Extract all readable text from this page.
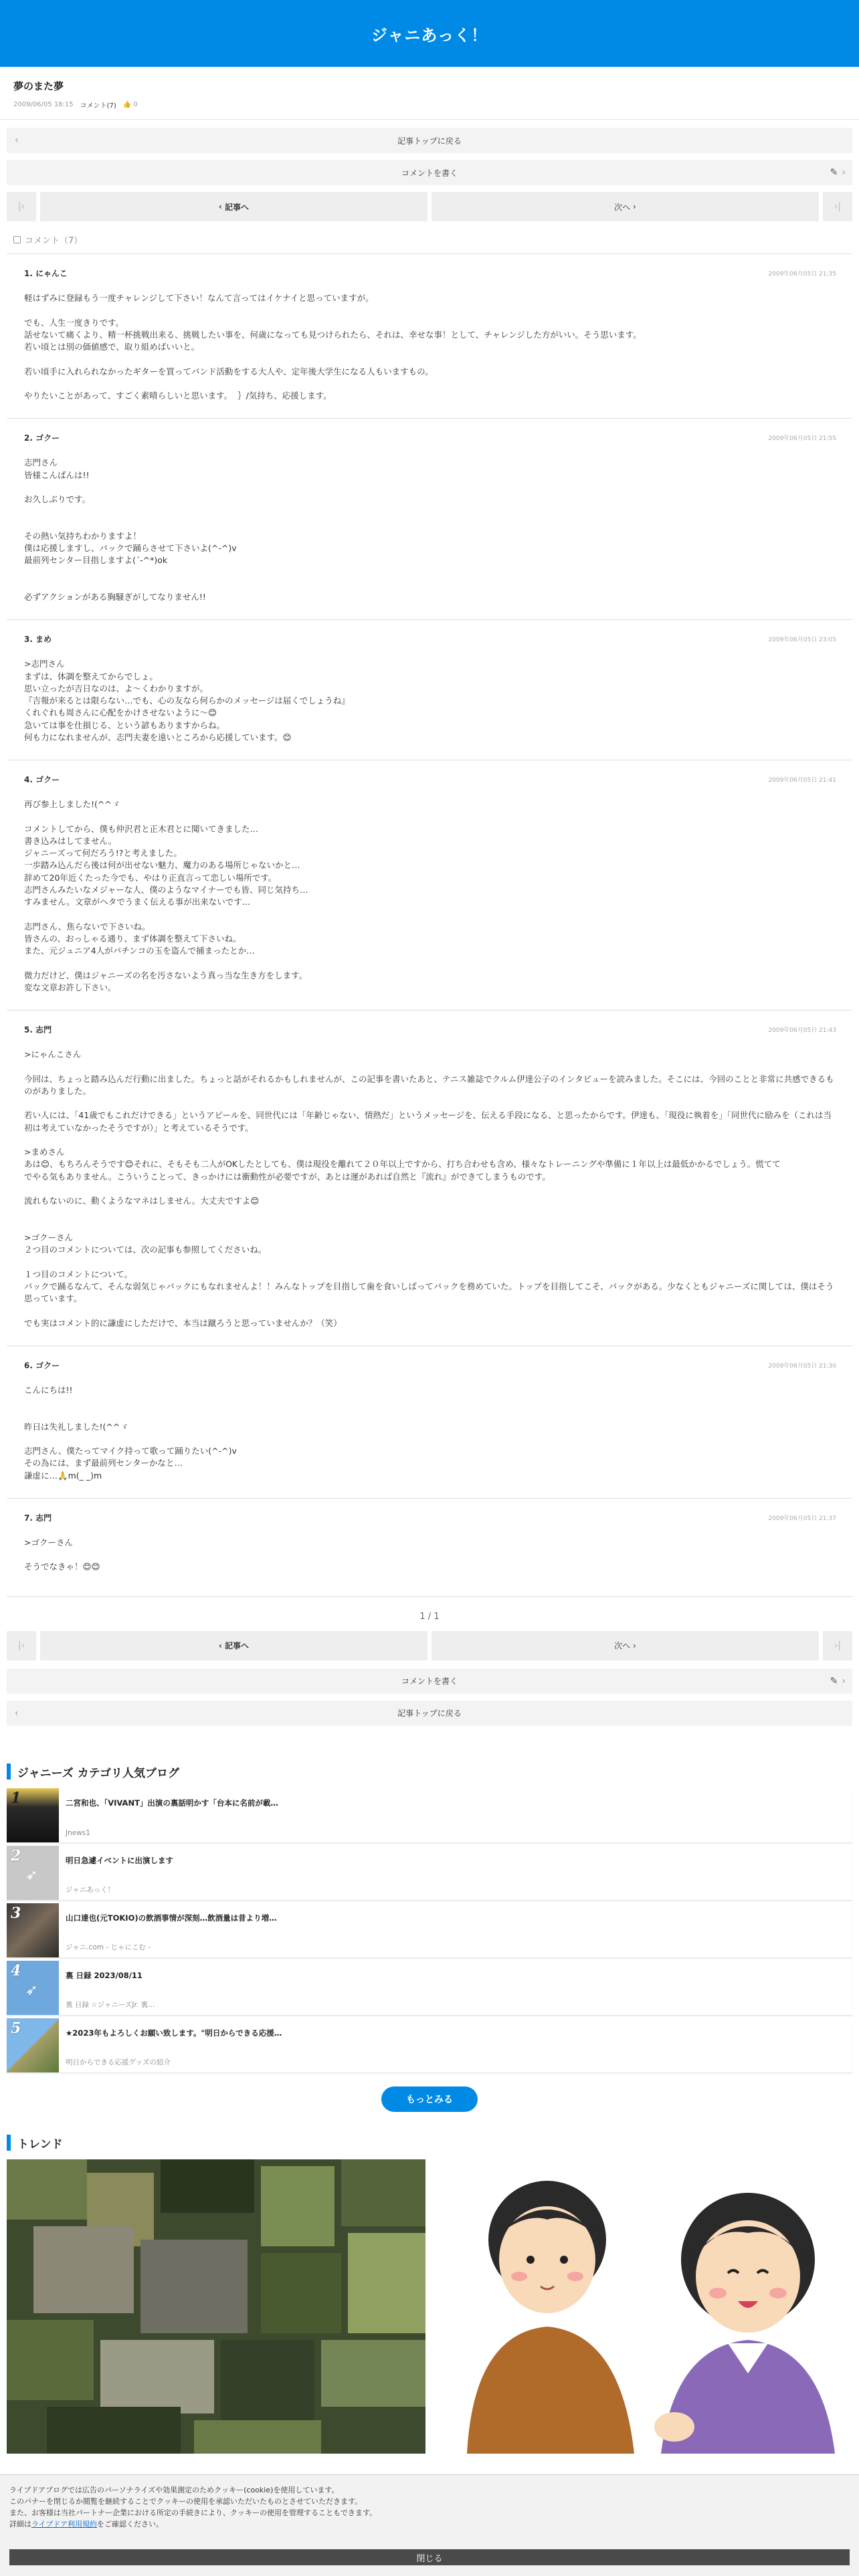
ジャニあっく！
夢のまた夢
2009/06/05 18:15 コメント(7) 👍 0
‹	記事トップに戻る
コメントを書く	✎ ›
|‹	‹ 記事へ	次へ ›	›|
コメント（7）
1. にゃんこ	2009年06月05日 21:35
軽はずみに登録もう一度チャレンジして下さい！なんて言ってはイケナイと思っていますが。

でも、人生一度きりです。
話せないて痛くより、精一杯挑戦出来る、挑戦したい事を、何歳になっても見つけられたら、それは、幸せな事！として、チャレンジした方がいい。そう思います。
若い頃とは別の価値感で、取り組めばいいと。

若い頃手に入れられなかったギターを買ってバンド活動をする大人や、定年後大学生になる人もいますもの。

やりたいことがあって、すごく素晴らしいと思います。  ｝/気持ち、応援します。

2. ゴクー	2009年06月05日 21:55
志門さん
皆様こんばんは!!

お久しぶりです。

その熱い気持ちわかりますよ！
僕は応援しますし、バックで踊らさせて下さいよ(^-^)v
最前列センター目指しますよ(´-^*)ok

必ずアクションがある胸騒ぎがしてなりません!!

3. まめ	2009年06月05日 23:05
>志門さん
まずは、体調を整えてからでしょ。
思い立ったが吉日なのは、よ～くわかりますが。
『吉報が来るとは限らない…でも、心の友なら何らかのメッセージは届くでしょうね』
くれぐれも周さんに心配をかけさせないように～😊
急いては事を仕損じる、という諺もありますからね。
何も力になれませんが、志門夫妻を遠いところから応援しています。😊

4. ゴクー	2009年06月05日 21:41
再び参上しました!(^^ゞ

コメントしてから、僕も仲沢君と正木君とに聞いてきました…
書き込みはしてません。
ジャニーズって何だろう!?と考えました。
一歩踏み込んだら後は何が出せない魅力、魔力のある場所じゃないかと…
辞めて20年近くたった今でも、やはり正直言って恋しい場所です。
志門さんみたいなメジャーな人、僕のようなマイナーでも皆、同じ気持ち…
すみません。文章がヘタでうまく伝える事が出来ないです…

志門さん、焦らないで下さいね。
皆さんの、おっしゃる通り、まず体調を整えて下さいね。
また、元ジュニア4人がパチンコの玉を盗んで捕まったとか…

微力だけど、僕はジャニーズの名を汚さないよう真っ当な生き方をします。
変な文章お許し下さい。

5. 志門	2009年06月05日 21:43
>にゃんこさん

今回は、ちょっと踏み込んだ行動に出ました。ちょっと話がそれるかもしれませんが、この記事を書いたあと、テニス雑誌でクルム伊達公子のインタビューを読みました。そこには、今回のことと非常に共感できるものがありました。

若い人には、「41歳でもこれだけできる」というアピールを、同世代には「年齢じゃない、情熱だ」というメッセージを、伝える手段になる、と思ったからです。伊達も、「現役に執着を」「同世代に励みを（これは当初は考えていなかったそうですが）」と考えているそうです。

>まめさん
あは😊、もちろんそうです😊それに、そもそも二人がOKしたとしても、僕は現役を離れて２０年以上ですから、打ち合わせも含め、様々なトレーニングや準備に１年以上は最低かかるでしょう。慌てて
でやる気もありません。こういうことって、きっかけには衝動性が必要ですが、あとは運があれば自然と『流れ』ができてしまうものです。

流れもないのに、動くようなマネはしません。大丈夫ですよ😊

>ゴクーさん
２つ目のコメントについては、次の記事も参照してくださいね。

１つ目のコメントについて。
バックで踊るなんて、そんな弱気じゃバックにもなれませんよ！！みんなトップを目指して歯を食いしばってバックを務めていた。トップを目指してこそ、バックがある。少なくともジャニーズに関しては、僕はそう思っています。

でも実はコメント的に謙虚にしただけで、本当は蹴ろうと思っていませんか？（笑）

6. ゴクー	2009年06月05日 21:30
こんにちは!!

昨日は失礼しました!(^^ゞ

志門さん、僕たってマイク持って歌って踊りたい(^-^)v
その為には、まず最前列センターかなと…
謙虚に…🙏m(_ _)m

7. 志門	2009年06月05日 21:37
>ゴクーさん

そうでなきゃ！😊😊

1 / 1
|‹	‹ 記事へ	次へ ›	›|
コメントを書く	✎ ›
‹	記事トップに戻る
ジャニーズ カテゴリ人気ブログ
1	二宮和也、「VIVANT」出演の裏話明かす「台本に名前が載…
Jnews1
2
➶
明日急遽イベントに出演します
ジャニあっく！
3	山口達也(元TOKIO)の飲酒事情が深刻…飲酒量は昔より増…
ジャニ.com - じゃにこむ -
4
➶
裏 日録 2023/08/11
裏 日録 ☆ジャニーズJr. 裏…
5	★2023年もよろしくお願い致します。"明日からできる応援…
明日からできる応援グッズの紹介
もっとみる
トレンド

ライブドアブログでは広告のパーソナライズや効果測定のためクッキー(cookie)を使用しています。

このバナーを閉じるか閲覧を継続することでクッキーの使用を承認いただいたものとさせていただきます。

また、お客様は当社パートナー企業における所定の手続きにより、クッキーの使用を管理することもできます。

詳細はライブドア利用規約をご確認ください。

閉じる
